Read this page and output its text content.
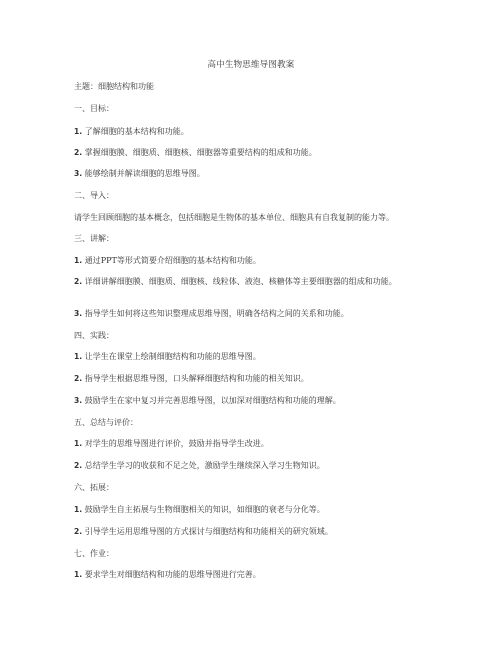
高中生物思维导图教案
主题：细胞结构和功能
一、目标：
1. 了解细胞的基本结构和功能。
2. 掌握细胞膜、细胞质、细胞核、细胞器等重要结构的组成和功能。
3. 能够绘制并解读细胞的思维导图。
二、导入：
请学生回顾细胞的基本概念，包括细胞是生物体的基本单位、细胞具有自我复制的能力等。
三、讲解：
1. 通过PPT等形式简要介绍细胞的基本结构和功能。
2. 详细讲解细胞膜、细胞质、细胞核、线粒体、液泡、核糖体等主要细胞器的组成和功能。
3. 指导学生如何将这些知识整理成思维导图，明确各结构之间的关系和功能。
四、实践：
1. 让学生在课堂上绘制细胞结构和功能的思维导图。
2. 指导学生根据思维导图，口头解释细胞结构和功能的相关知识。
3. 鼓励学生在家中复习并完善思维导图，以加深对细胞结构和功能的理解。
五、总结与评价：
1. 对学生的思维导图进行评价，鼓励并指导学生改进。
2. 总结学生学习的收获和不足之处，激励学生继续深入学习生物知识。
六、拓展：
1. 鼓励学生自主拓展与生物细胞相关的知识，如细胞的衰老与分化等。
2. 引导学生运用思维导图的方式探讨与细胞结构和功能相关的研究领域。
七、作业：
1. 要求学生对细胞结构和功能的思维导图进行完善。
